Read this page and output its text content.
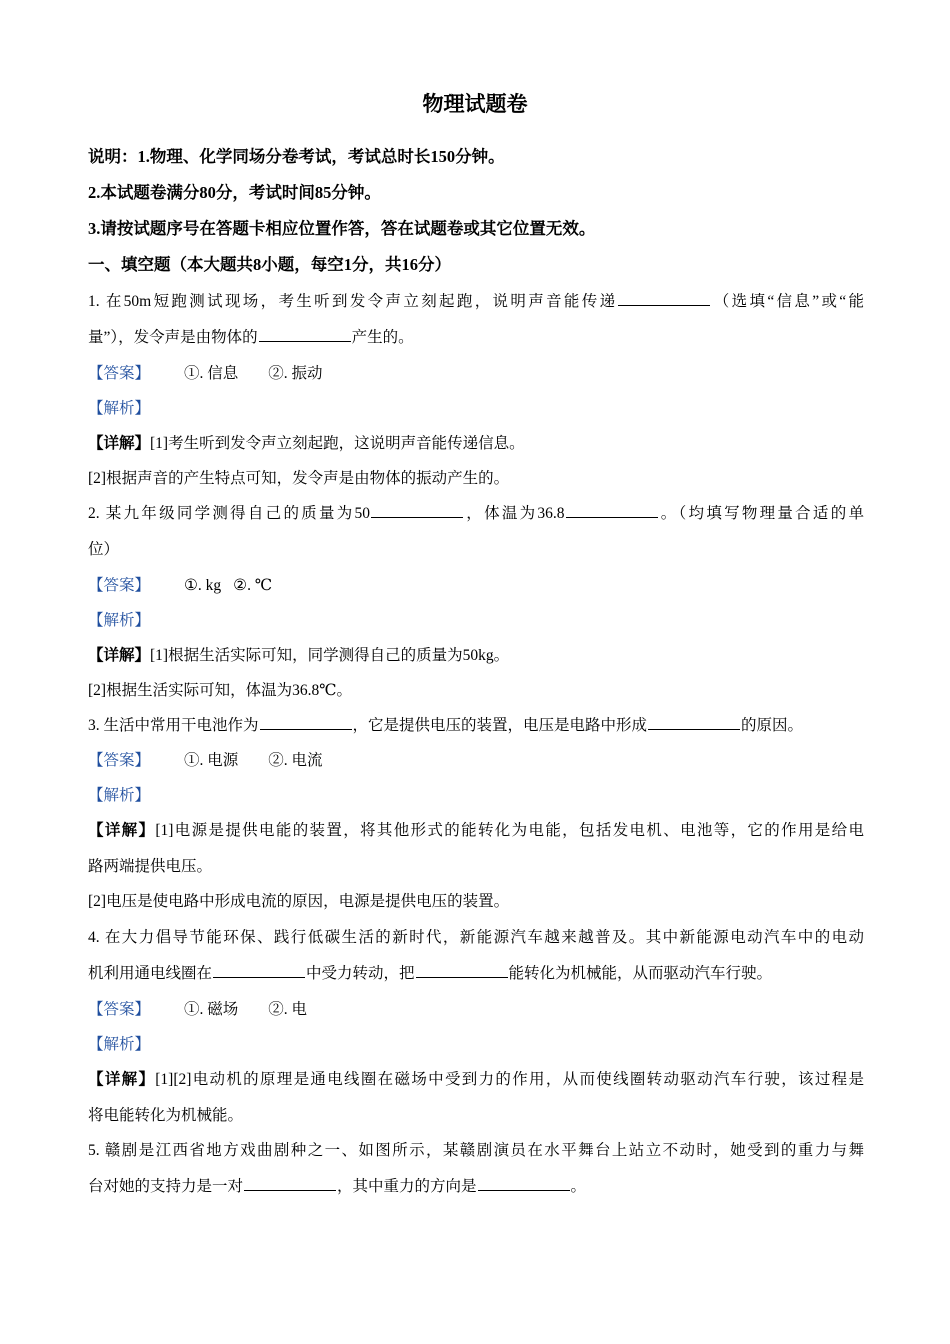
物理试题卷

说明：1.物理、化学同场分卷考试，考试总时长150分钟。

2.本试题卷满分80分，考试时间85分钟。

3.请按试题序号在答题卡相应位置作答，答在试题卷或其它位置无效。

一、填空题（本大题共8小题，每空1分，共16分）

1. 在50m短跑测试现场，考生听到发令声立刻起跑，说明声音能传递	（选填“信息”或“能

量”），发令声是由物体的	产生的。

【答案】 ①. 信息 ②. 振动

【解析】

【详解】[1]考生听到发令声立刻起跑，这说明声音能传递信息。

[2]根据声音的产生特点可知，发令声是由物体的振动产生的。

2. 某九年级同学测得自己的质量为50	，体温为36.8	。（均填写物理量合适的单

位）

【答案】 ①. kg ②. ℃

【解析】

【详解】[1]根据生活实际可知，同学测得自己的质量为50kg。

[2]根据生活实际可知，体温为36.8℃。

3. 生活中常用干电池作为	，它是提供电压的装置，电压是电路中形成	的原因。

【答案】 ①. 电源 ②. 电流

【解析】

【详解】[1]电源是提供电能的装置，将其他形式的能转化为电能，包括发电机、电池等，它的作用是给电

路两端提供电压。

[2]电压是使电路中形成电流的原因，电源是提供电压的装置。

4. 在大力倡导节能环保、践行低碳生活的新时代，新能源汽车越来越普及。其中新能源电动汽车中的电动

机利用通电线圈在	中受力转动，把	能转化为机械能，从而驱动汽车行驶。

【答案】 ①. 磁场 ②. 电

【解析】

【详解】[1][2]电动机的原理是通电线圈在磁场中受到力的作用，从而使线圈转动驱动汽车行驶，该过程是

将电能转化为机械能。

5. 赣剧是江西省地方戏曲剧种之一、如图所示，某赣剧演员在水平舞台上站立不动时，她受到的重力与舞

台对她的支持力是一对	，其中重力的方向是	。
